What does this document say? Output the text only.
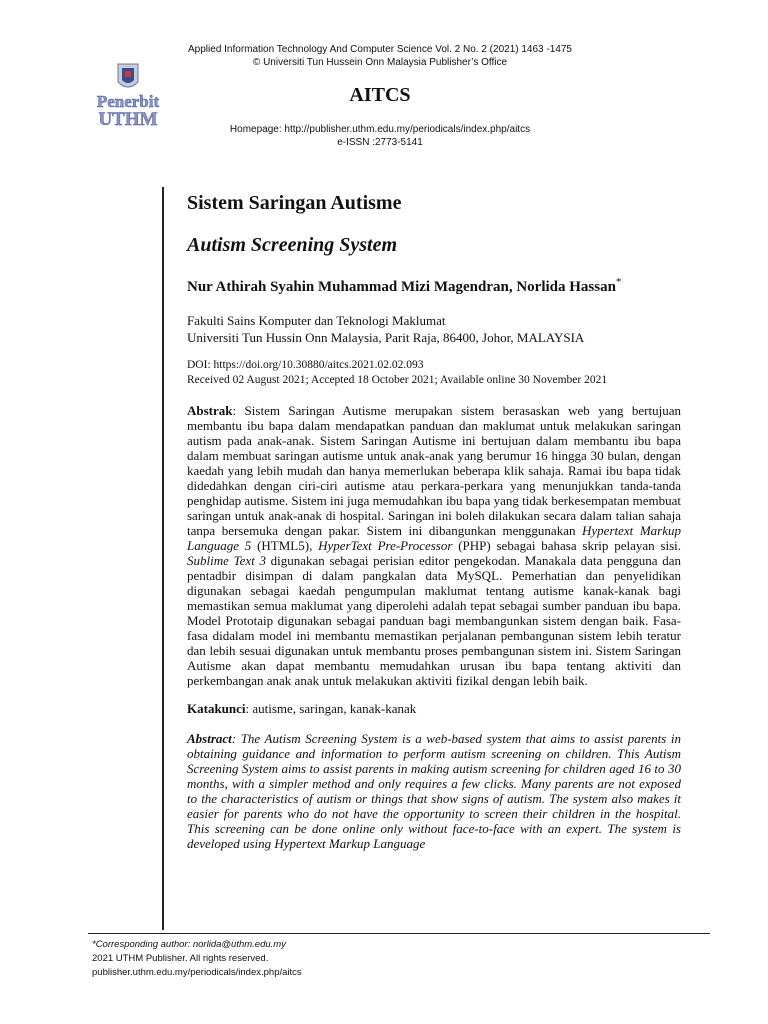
Penerbit
UTHM
Applied Information Technology And Computer Science Vol. 2 No. 2 (2021) 1463 -1475
© Universiti Tun Hussein Onn Malaysia Publisher’s Office
AITCS
Homepage: http://publisher.uthm.edu.my/periodicals/index.php/aitcs
e-ISSN :2773-5141
Sistem Saringan Autisme
Autism Screening System
Nur Athirah Syahin Muhammad Mizi Magendran, Norlida Hassan*
Fakulti Sains Komputer dan Teknologi Maklumat
Universiti Tun Hussin Onn Malaysia, Parit Raja, 86400, Johor, MALAYSIA
DOI: https://doi.org/10.30880/aitcs.2021.02.02.093
Received 02 August 2021; Accepted 18 October 2021; Available online 30 November 2021

Abstrak: Sistem Saringan Autisme merupakan sistem berasaskan web yang bertujuan membantu ibu bapa dalam mendapatkan panduan dan maklumat untuk melakukan saringan autism pada anak-anak. Sistem Saringan Autisme ini bertujuan dalam membantu ibu bapa dalam membuat saringan autisme untuk anak-anak yang berumur 16 hingga 30 bulan, dengan kaedah yang lebih mudah dan hanya memerlukan beberapa klik sahaja. Ramai ibu bapa tidak didedahkan dengan ciri-ciri autisme atau perkara-perkara yang menunjukkan tanda-tanda penghidap autisme. Sistem ini juga memudahkan ibu bapa yang tidak berkesempatan membuat saringan untuk anak-anak di hospital. Saringan ini boleh dilakukan secara dalam talian sahaja tanpa bersemuka dengan pakar. Sistem ini dibangunkan menggunakan Hypertext Markup Language 5 (HTML5), HyperText Pre-Processor (PHP) sebagai bahasa skrip pelayan sisi. Sublime Text 3 digunakan sebagai perisian editor pengekodan. Manakala data pengguna dan pentadbir disimpan di dalam pangkalan data MySQL. Pemerhatian dan penyelidikan digunakan sebagai kaedah pengumpulan maklumat tentang autisme kanak-kanak bagi memastikan semua maklumat yang diperolehi adalah tepat sebagai sumber panduan ibu bapa. Model Prototaip digunakan sebagai panduan bagi membangunkan sistem dengan baik. Fasa-fasa didalam model ini membantu memastikan perjalanan pembangunan sistem lebih teratur dan lebih sesuai digunakan untuk membantu proses pembangunan sistem ini. Sistem Saringan Autisme akan dapat membantu memudahkan urusan ibu bapa tentang aktiviti dan perkembangan anak anak untuk melakukan aktiviti fizikal dengan lebih baik.

Katakunci: autisme, saringan, kanak-kanak

Abstract: The Autism Screening System is a web-based system that aims to assist parents in obtaining guidance and information to perform autism screening on children. This Autism Screening System aims to assist parents in making autism screening for children aged 16 to 30 months, with a simpler method and only requires a few clicks. Many parents are not exposed to the characteristics of autism or things that show signs of autism. The system also makes it easier for parents who do not have the opportunity to screen their children in the hospital. This screening can be done online only without face-to-face with an expert. The system is developed using Hypertext Markup Language

*Corresponding author: norlida@uthm.edu.my
2021 UTHM Publisher. All rights reserved.
publisher.uthm.edu.my/periodicals/index.php/aitcs
